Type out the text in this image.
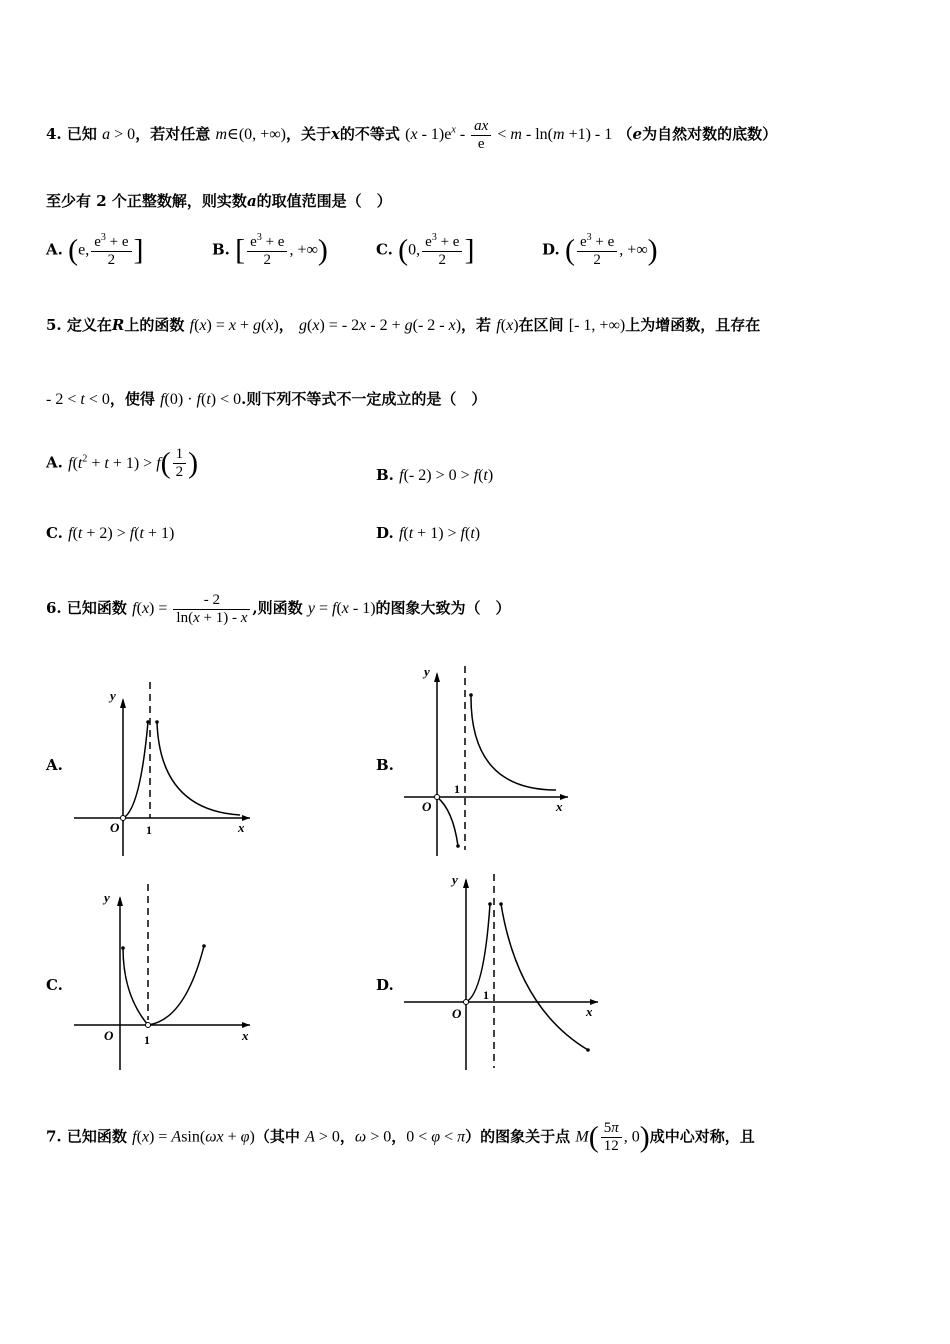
4. 已知 a > 0，若对任意 m∈(0, +∞)，关于x的不等式 $(x - 1)e^x - \frac{ax}{e} < m - \ln(m +1) - 1$ （e为自然对数的底数）
至少有 2 个正整数解，则实数a的取值范围是（　）
A. (e, $\frac{e^3 + e}{2}$ ]	B. [ $\frac{e^3 + e}{2}$ , +∞)	C. (0, $\frac{e^3 + e}{2}$ ]	D. ( $\frac{e^3 + e}{2}$ , +∞)
5. 定义在R上的函数 f(x) = x + g(x)， g(x) = - 2x - 2 + g(- 2 - x)，若 f(x)在区间 [- 1, +∞)上为增函数，且存在
- 2 < t < 0，使得 f(0) · f(t) < 0.则下列不等式不一定成立的是（　）
A. $f(t^2 + t + 1) > f( \frac{1}{2}$ )	B. f(- 2) > 0 > f(t)
C. f(t + 2) > f(t + 1)	D. f(t + 1) > f(t)
6. 已知函数 $f(x) = \frac{- 2}{\ln(x + 1) - x}$ ,则函数 y = f(x - 1)的图象大致为（　）
A.	B.
C.	D.
y
x
O 1
y
x
O
1
y
x
O	1
y
x
O
1
7. 已知函数 f(x) = Asin(ωx + φ)（其中 A > 0，ω > 0，0 < φ < π）的图象关于点 $M( \frac{5\pi}{12}$ , 0)成中心对称，且
